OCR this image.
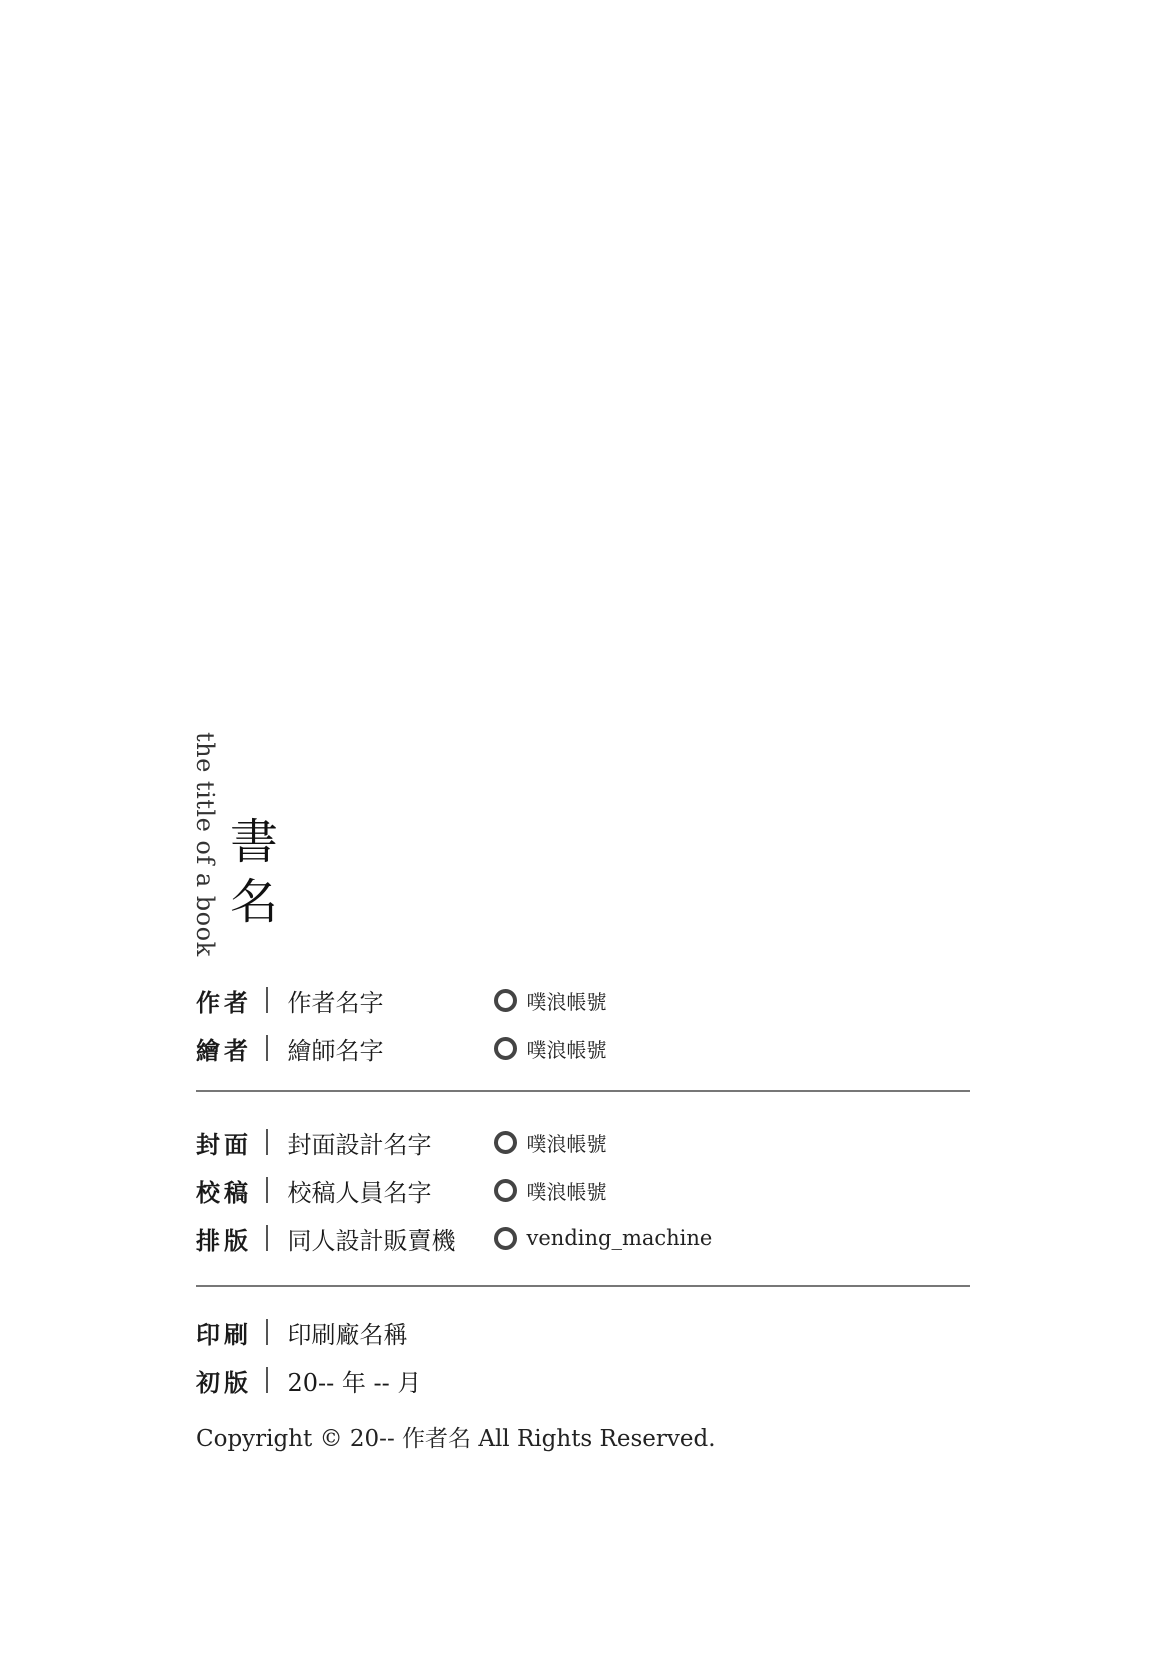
the title of a book 書
名
作者 作者名字	噗浪帳號
繪者 繪師名字	噗浪帳號
封面 封面設計名字	噗浪帳號
校稿 校稿人員名字	噗浪帳號
排版 同人設計販賣機	vending_machine
印刷 印刷廠名稱
初版 20-- 年 -- 月
Copyright © 20-- 作者名 All Rights Reserved.
